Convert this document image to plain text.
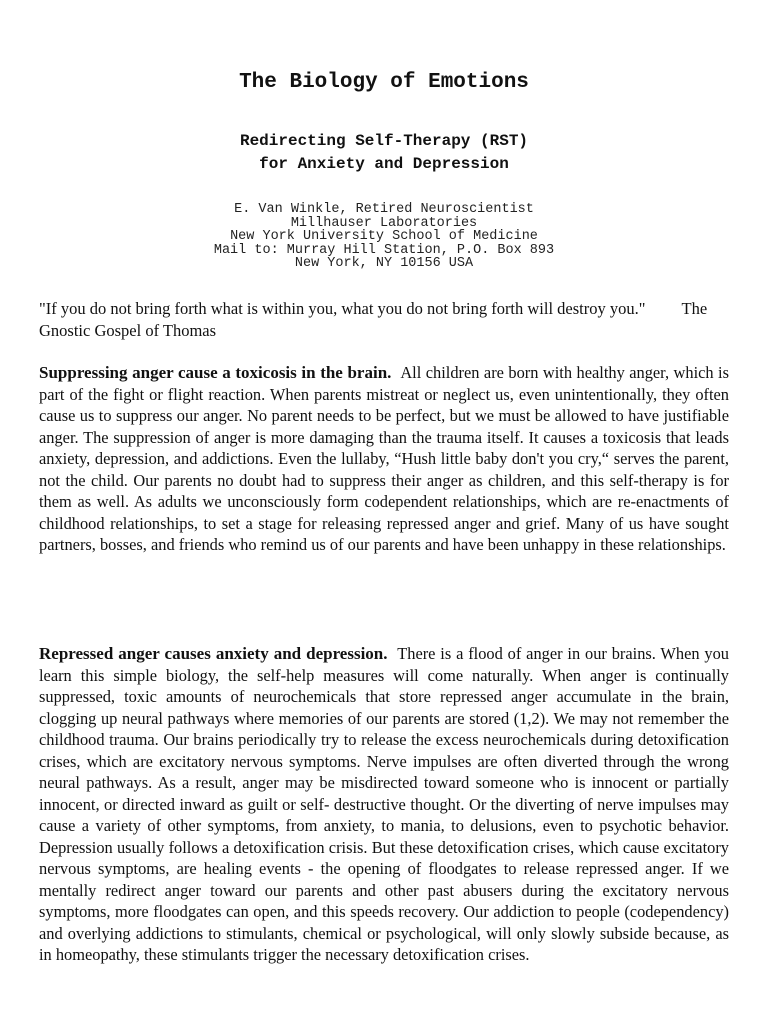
The Biology of Emotions
Redirecting Self-Therapy (RST)
for Anxiety and Depression
E. Van Winkle, Retired Neuroscientist
Millhauser Laboratories
New York University School of Medicine
Mail to: Murray Hill Station, P.O. Box 893
New York, NY 10156 USA
"If you do not bring forth what is within you, what you do not bring forth will destroy you." The Gnostic Gospel of Thomas
Suppressing anger cause a toxicosis in the brain. All children are born with healthy anger, which is part of the fight or flight reaction. When parents mistreat or neglect us, even unintentionally, they often cause us to suppress our anger. No parent needs to be perfect, but we must be allowed to have justifiable anger. The suppression of anger is more damaging than the trauma itself. It causes a toxicosis that leads anxiety, depression, and addictions. Even the lullaby, “Hush little baby don't you cry,“ serves the parent, not the child. Our parents no doubt had to suppress their anger as children, and this self-therapy is for them as well. As adults we unconsciously form codependent relationships, which are re-enactments of childhood relationships, to set a stage for releasing repressed anger and grief. Many of us have sought partners, bosses, and friends who remind us of our parents and have been unhappy in these relationships.
Repressed anger causes anxiety and depression. There is a flood of anger in our brains. When you learn this simple biology, the self-help measures will come naturally. When anger is continually suppressed, toxic amounts of neurochemicals that store repressed anger accumulate in the brain, clogging up neural pathways where memories of our parents are stored (1,2). We may not remember the childhood trauma. Our brains periodically try to release the excess neurochemicals during detoxification crises, which are excitatory nervous symptoms. Nerve impulses are often diverted through the wrong neural pathways. As a result, anger may be misdirected toward someone who is innocent or partially innocent, or directed inward as guilt or self- destructive thought. Or the diverting of nerve impulses may cause a variety of other symptoms, from anxiety, to mania, to delusions, even to psychotic behavior. Depression usually follows a detoxification crisis. But these detoxification crises, which cause excitatory nervous symptoms, are healing events - the opening of floodgates to release repressed anger. If we mentally redirect anger toward our parents and other past abusers during the excitatory nervous symptoms, more floodgates can open, and this speeds recovery. Our addiction to people (codependency) and overlying addictions to stimulants, chemical or psychological, will only slowly subside because, as in homeopathy, these stimulants trigger the necessary detoxification crises.
